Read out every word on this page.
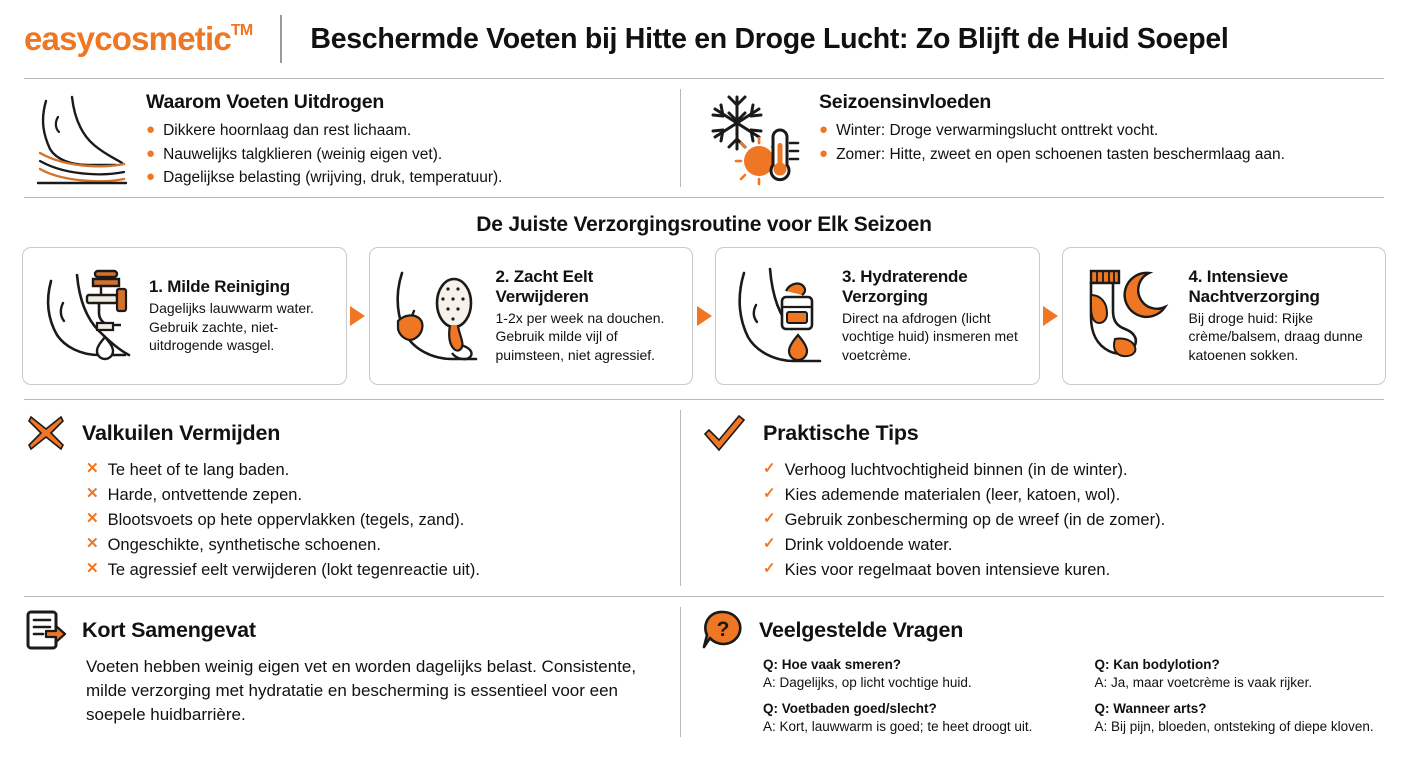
easycosmetic TM Beschermde Voeten bij Hitte en Droge Lucht: Zo Blijft de Huid Soepel
Waarom Voeten Uitdrogen
● Dikkere hoornlaag dan rest lichaam.
● Nauwelijks talgklieren (weinig eigen vet).
● Dagelijkse belasting (wrijving, druk, temperatuur).
Seizoensinvloeden
● Winter: Droge verwarmingslucht onttrekt vocht.
● Zomer: Hitte, zweet en open schoenen tasten beschermlaag aan.
De Juiste Verzorgingsroutine voor Elk Seizoen
1. Milde Reiniging
Dagelijks lauwwarm water. Gebruik zachte, niet-uitdrogende wasgel.
2. Zacht Eelt Verwijderen
1-2x per week na douchen. Gebruik milde vijl of puimsteen, niet agressief.
3. Hydraterende Verzorging
Direct na afdrogen (licht vochtige huid) insmeren met voetcrème.
4. Intensieve Nachtverzorging
Bij droge huid: Rijke crème/balsem, draag dunne katoenen sokken.
Valkuilen Vermijden
✕ Te heet of te lang baden.
✕ Harde, ontvettende zepen.
✕ Blootsvoets op hete oppervlakken (tegels, zand).
✕ Ongeschikte, synthetische schoenen.
✕ Te agressief eelt verwijderen (lokt tegenreactie uit).
Praktische Tips
✓ Verhoog luchtvochtigheid binnen (in de winter).
✓ Kies ademende materialen (leer, katoen, wol).
✓ Gebruik zonbescherming op de wreef (in de zomer).
✓ Drink voldoende water.
✓ Kies voor regelmaat boven intensieve kuren.
Kort Samengevat
Voeten hebben weinig eigen vet en worden dagelijks belast. Consistente, milde verzorging met hydratatie en bescherming is essentieel voor een soepele huidbarrière.
? Veelgestelde Vragen
Q: Hoe vaak smeren?
A: Dagelijks, op licht vochtige huid.
Q: Voetbaden goed/slecht?
A: Kort, lauwwarm is goed; te heet droogt uit.
Q: Kan bodylotion?
A: Ja, maar voetcrème is vaak rijker.
Q: Wanneer arts?
A: Bij pijn, bloeden, ontsteking of diepe kloven.
